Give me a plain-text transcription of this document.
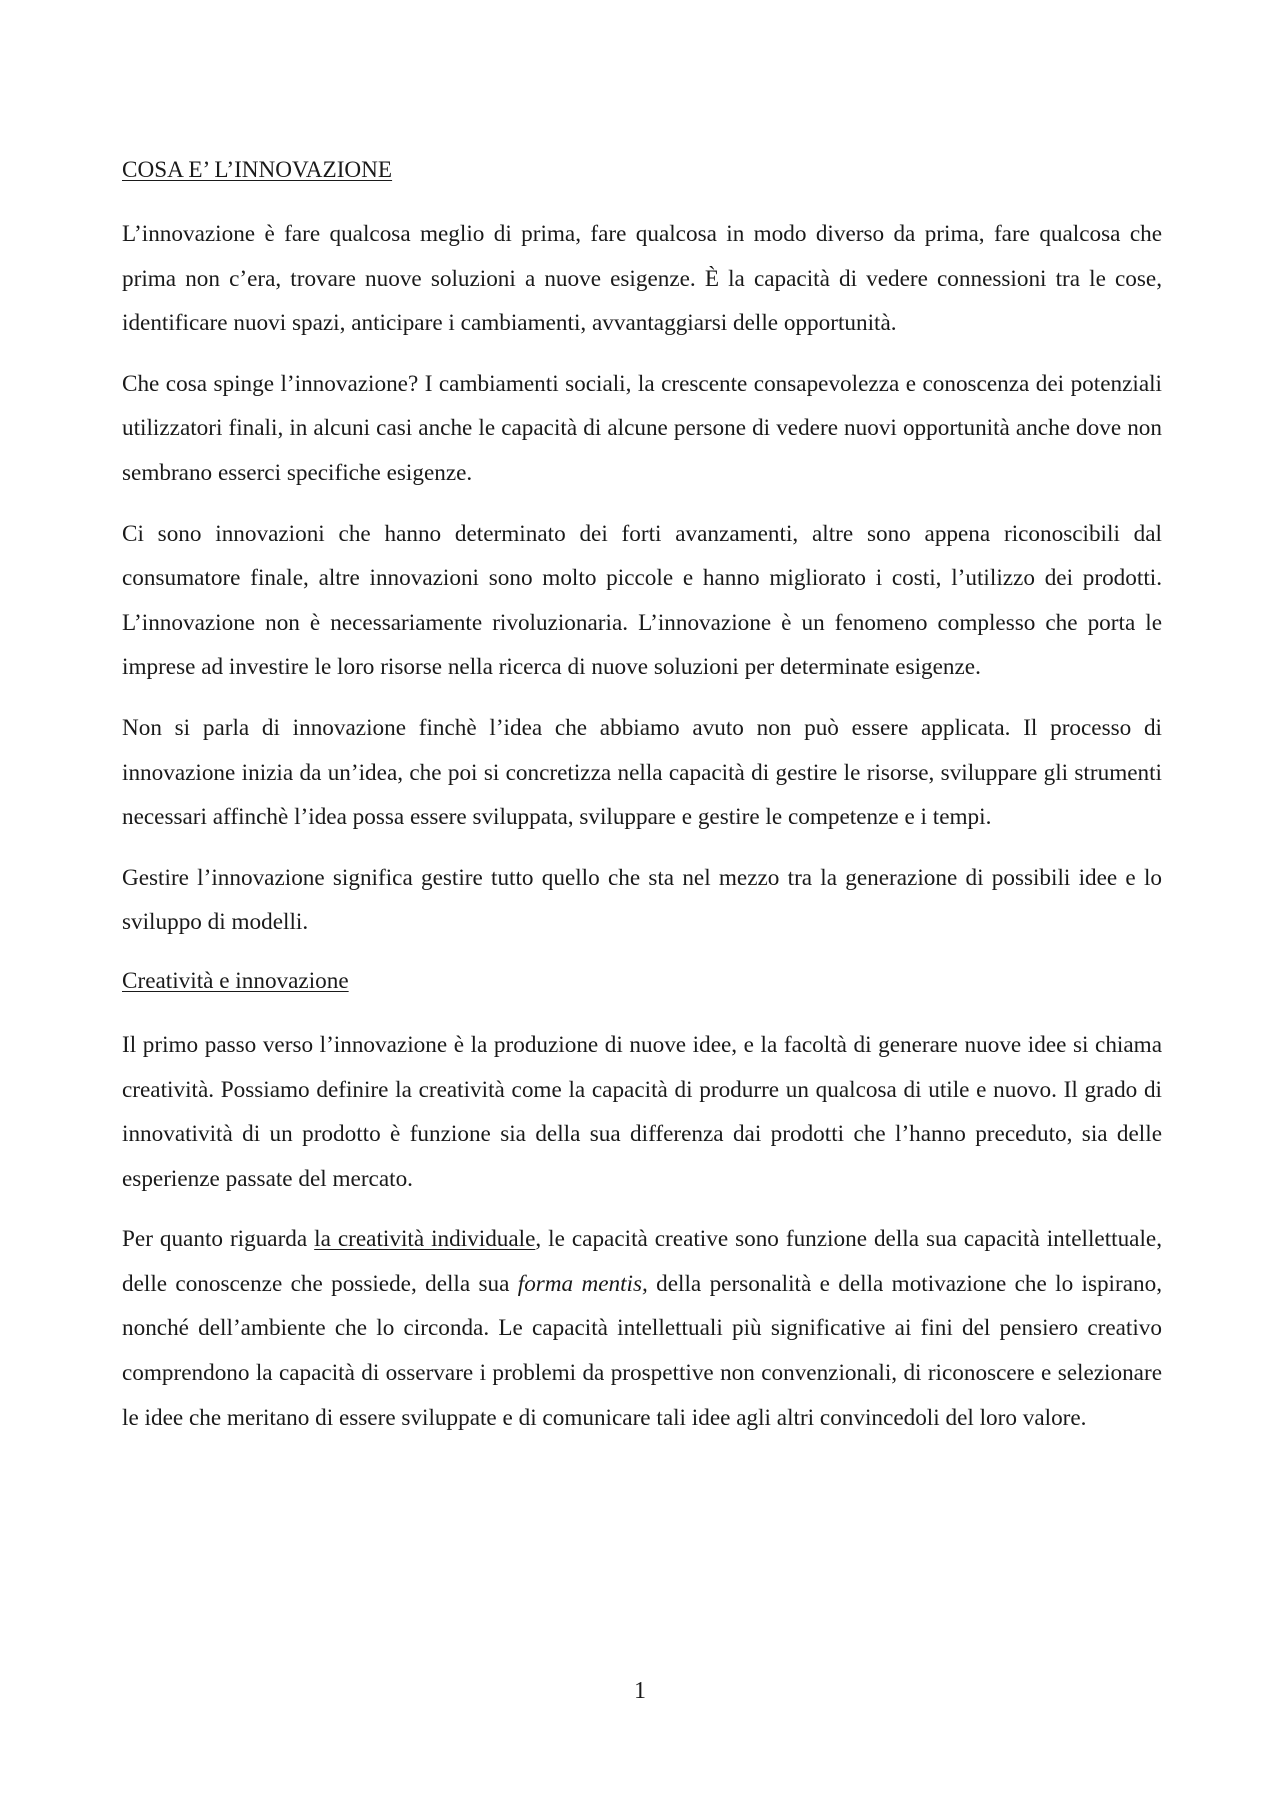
COSA E’ L’INNOVAZIONE

L’innovazione è fare qualcosa meglio di prima, fare qualcosa in modo diverso da prima, fare qualcosa che prima non c’era, trovare nuove soluzioni a nuove esigenze. È la capacità di vedere connessioni tra le cose, identificare nuovi spazi, anticipare i cambiamenti, avvantaggiarsi delle opportunità.

Che cosa spinge l’innovazione? I cambiamenti sociali, la crescente consapevolezza e conoscenza dei potenziali utilizzatori finali, in alcuni casi anche le capacità di alcune persone di vedere nuovi opportunità anche dove non sembrano esserci specifiche esigenze.

Ci sono innovazioni che hanno determinato dei forti avanzamenti, altre sono appena riconoscibili dal consumatore finale, altre innovazioni sono molto piccole e hanno migliorato i costi, l’utilizzo dei prodotti. L’innovazione non è necessariamente rivoluzionaria. L’innovazione è un fenomeno complesso che porta le imprese ad investire le loro risorse nella ricerca di nuove soluzioni per determinate esigenze.

Non si parla di innovazione finchè l’idea che abbiamo avuto non può essere applicata. Il processo di innovazione inizia da un’idea, che poi si concretizza nella capacità di gestire le risorse, sviluppare gli strumenti necessari affinchè l’idea possa essere sviluppata, sviluppare e gestire le competenze e i tempi.

Gestire l’innovazione significa gestire tutto quello che sta nel mezzo tra la generazione di possibili idee e lo sviluppo di modelli.

Creatività e innovazione

Il primo passo verso l’innovazione è la produzione di nuove idee, e la facoltà di generare nuove idee si chiama creatività. Possiamo definire la creatività come la capacità di produrre un qualcosa di utile e nuovo. Il grado di innovatività di un prodotto è funzione sia della sua differenza dai prodotti che l’hanno preceduto, sia delle esperienze passate del mercato.

Per quanto riguarda la creatività individuale, le capacità creative sono funzione della sua capacità intellettuale, delle conoscenze che possiede, della sua forma mentis, della personalità e della motivazione che lo ispirano, nonché dell’ambiente che lo circonda. Le capacità intellettuali più significative ai fini del pensiero creativo comprendono la capacità di osservare i problemi da prospettive non convenzionali, di riconoscere e selezionare le idee che meritano di essere sviluppate e di comunicare tali idee agli altri convincedoli del loro valore.

1
